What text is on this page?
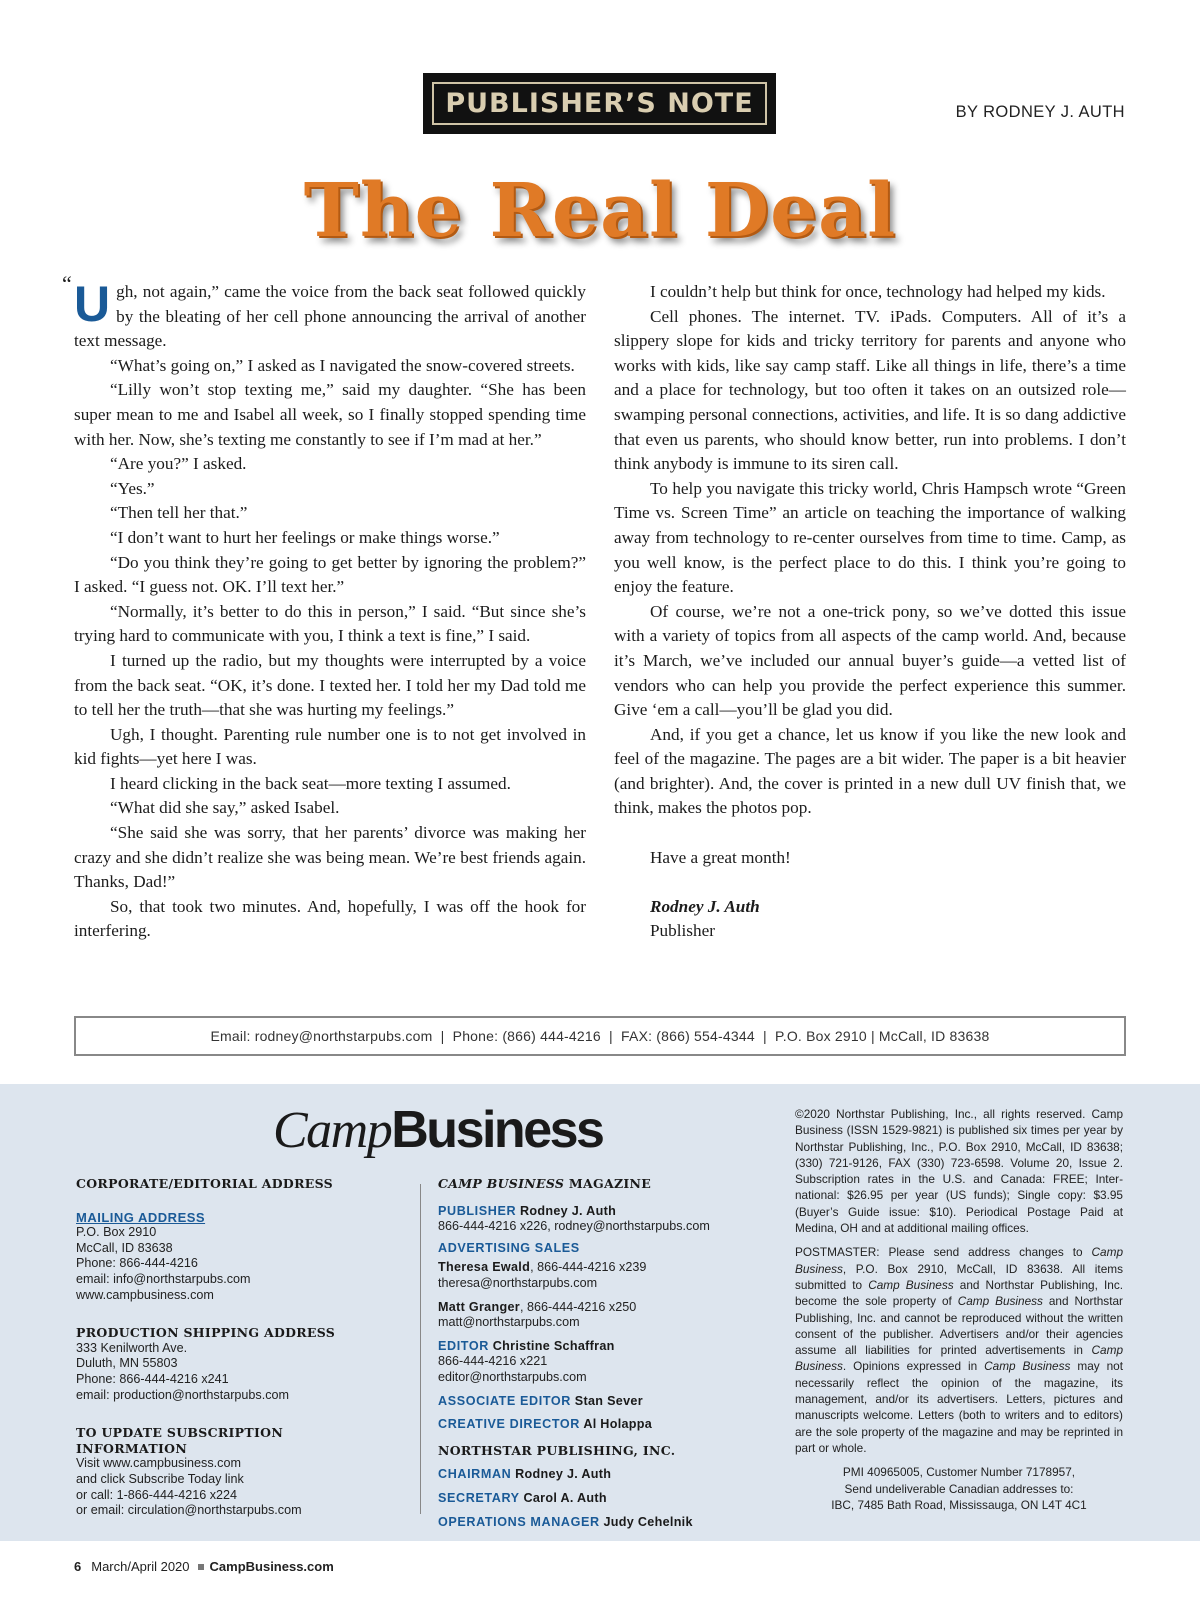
PUBLISHER’S NOTE	BY RODNEY J. AUTH
The Real Deal
“ Ugh, not again,” came the voice from the back seat followed quickly by the bleating of her cell phone announcing the arrival of another text message.

“What’s going on,” I asked as I navigated the snow-covered streets.

“Lilly won’t stop texting me,” said my daughter. “She has been super mean to me and Isabel all week, so I finally stopped spending time with her. Now, she’s texting me constantly to see if I’m mad at her.”

“Are you?” I asked.

“Yes.”

“Then tell her that.”

“I don’t want to hurt her feelings or make things worse.”

“Do you think they’re going to get better by ignoring the problem?” I asked. “I guess not. OK. I’ll text her.”

“Normally, it’s better to do this in person,” I said. “But since she’s trying hard to communicate with you, I think a text is fine,” I said.

I turned up the radio, but my thoughts were interrupted by a voice from the back seat. “OK, it’s done. I texted her. I told her my Dad told me to tell her the truth—that she was hurting my feelings.”

Ugh, I thought. Parenting rule number one is to not get involved in kid fights—yet here I was.

I heard clicking in the back seat—more texting I assumed.

“What did she say,” asked Isabel.

“She said she was sorry, that her parents’ divorce was making her crazy and she didn’t realize she was being mean. We’re best friends again. Thanks, Dad!”

So, that took two minutes. And, hopefully, I was off the hook for interfering.

I couldn’t help but think for once, technology had helped my kids.

Cell phones. The internet. TV. iPads. Computers. All of it’s a slippery slope for kids and tricky territory for parents and anyone who works with kids, like say camp staff. Like all things in life, there’s a time and a place for technology, but too often it takes on an outsized role—swamping personal connections, activities, and life. It is so dang addictive that even us parents, who should know better, run into problems. I don’t think anybody is immune to its siren call.

To help you navigate this tricky world, Chris Hampsch wrote “Green Time vs. Screen Time” an article on teaching the importance of walking away from technology to re-center ourselves from time to time. Camp, as you well know, is the perfect place to do this. I think you’re going to enjoy the feature.

Of course, we’re not a one-trick pony, so we’ve dotted this issue with a variety of topics from all aspects of the camp world. And, because it’s March, we’ve included our annual buyer’s guide—a vetted list of vendors who can help you provide the perfect experience this summer. Give ‘em a call—you’ll be glad you did.

And, if you get a chance, let us know if you like the new look and feel of the magazine. The pages are a bit wider. The paper is a bit heavier (and brighter). And, the cover is printed in a new dull UV finish that, we think, makes the photos pop.

Have a great month!

Rodney J. Auth

Publisher

Email: rodney@northstarpubs.com  |  Phone: (866) 444-4216  |  FAX: (866) 554-4344  |  P.O. Box 2910 | McCall, ID 83638
CampBusiness
CORPORATE/EDITORIAL ADDRESS
MAILING ADDRESS
P.O. Box 2910
McCall, ID 83638
Phone: 866-444-4216
email: info@northstarpubs.com
www.campbusiness.com
PRODUCTION SHIPPING ADDRESS
333 Kenilworth Ave.
Duluth, MN 55803
Phone: 866-444-4216 x241
email: production@northstarpubs.com
TO UPDATE SUBSCRIPTION INFORMATION
Visit www.campbusiness.com
and click Subscribe Today link
or call: 1-866-444-4216 x224
or email: circulation@northstarpubs.com
CAMP BUSINESS MAGAZINE
PUBLISHER Rodney J. Auth
866-444-4216 x226, rodney@northstarpubs.com
ADVERTISING SALES
Theresa Ewald, 866-444-4216 x239
theresa@northstarpubs.com
Matt Granger, 866-444-4216 x250
matt@northstarpubs.com
EDITOR Christine Schaffran
866-444-4216 x221
editor@northstarpubs.com
ASSOCIATE EDITOR Stan Sever
CREATIVE DIRECTOR Al Holappa
NORTHSTAR PUBLISHING, INC.
CHAIRMAN Rodney J. Auth
SECRETARY Carol A. Auth
OPERATIONS MANAGER Judy Cehelnik

©2020 Northstar Publishing, Inc., all rights reserved. Camp Business (ISSN 1529-9821) is published six times per year by Northstar Publishing, Inc., P.O. Box 2910, McCall, ID 83638; (330) 721-9126, FAX (330) 723-6598. Volume 20, Issue 2. Subscription rates in the U.S. and Canada: FREE; Inter-national: $26.95 per year (US funds); Single copy: $3.95 (Buyer’s Guide issue: $10). Periodical Postage Paid at Medina, OH and at additional mailing offices.

POSTMASTER: Please send address changes to Camp Business, P.O. Box 2910, McCall, ID 83638. All items submitted to Camp Business and Northstar Publishing, Inc. become the sole property of Camp Business and Northstar Publishing, Inc. and cannot be reproduced without the written consent of the publisher. Advertisers and/or their agencies assume all liabilities for printed advertisements in Camp Business. Opinions expressed in Camp Business may not necessarily reflect the opinion of the magazine, its management, and/or its advertisers. Letters, pictures and manuscripts welcome. Letters (both to writers and to editors) are the sole property of the magazine and may be reprinted in part or whole.

PMI 40965005, Customer Number 7178957,
Send undeliverable Canadian addresses to:
IBC, 7485 Bath Road, Mississauga, ON L4T 4C1
6 March/April 2020 CampBusiness.com
